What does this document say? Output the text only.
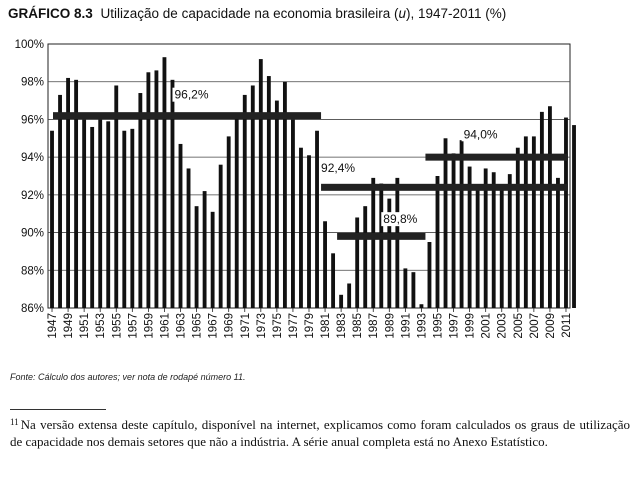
GRÁFICO 8.3 Utilização de capacidade na economia brasileira (u), 1947-2011 (%)
86%
88%
90%
92%
94%
96%
98%
100%
96,2%
89,8%
92,4%
94,0%
1947 1949 1951 1953 1955 1957 1959 1961 1963 1965 1967 1969 1971 1973 1975 1977 1979 1981 1983 1985 1987 1989 1991 1993 1995 1997 1999 2001 2003 2005 2007 2009 2011
Fonte: Cálculo dos autores; ver nota de rodapé número 11.
$^{11}$ Na versão extensa deste capítulo, disponível na internet, explicamos como foram calculados os graus de utilização de capacidade nos demais setores que não a indústria. A série anual completa está no Anexo Estatístico.
